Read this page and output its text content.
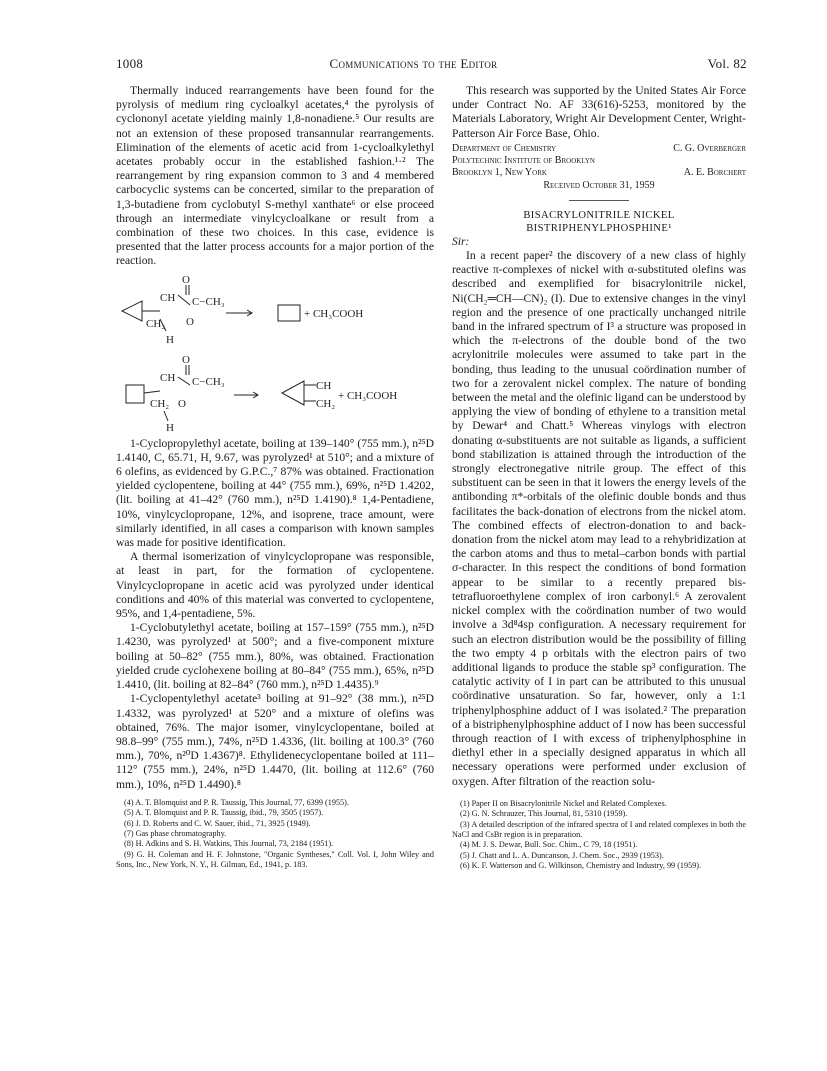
1008	Communications to the Editor	Vol. 82

Thermally induced rearrangements have been found for the pyrolysis of medium ring cycloalkyl acetates,⁴ the pyrolysis of cyclononyl acetate yielding mainly 1,8-nonadiene.⁵ Our results are not an extension of these proposed transannular rearrangements. Elimination of the elements of acetic acid from 1-cycloalkylethyl acetates probably occur in the established fashion.¹·² The rearrangement by ring expansion common to 3 and 4 membered carbocyclic systems can be concerted, similar to the preparation of 1,3-butadiene from cyclobutyl S-methyl xanthate⁶ or else proceed through an intermediate vinylcycloalkane or result from a combination of these two choices. In this case, evidence is presented that the latter process accounts for a major portion of the reaction.

O
CH C−CH₃
CH₂ O
H
+ CH₃COOH
O
CH C−CH₃
CH₂ O
H
CH
CH₂
+ CH₃COOH

1-Cyclopropylethyl acetate, boiling at 139–140° (755 mm.), n²⁵D 1.4140, C, 65.71, H, 9.67, was pyrolyzed¹ at 510°; and a mixture of 6 olefins, as evidenced by G.P.C.,⁷ 87% was obtained. Fractionation yielded cyclopentene, boiling at 44° (755 mm.), 69%, n²⁵D 1.4202, (lit. boiling at 41–42° (760 mm.), n²⁵D 1.4190).⁸ 1,4-Pentadiene, 10%, vinylcyclopropane, 12%, and isoprene, trace amount, were similarly identified, in all cases a comparison with known samples was made for positive identification.

A thermal isomerization of vinylcyclopropane was responsible, at least in part, for the formation of cyclopentene. Vinylcyclopropane in acetic acid was pyrolyzed under identical conditions and 40% of this material was converted to cyclopentene, 95%, and 1,4-pentadiene, 5%.

1-Cyclobutylethyl acetate, boiling at 157–159° (755 mm.), n²⁵D 1.4230, was pyrolyzed¹ at 500°; and a five-component mixture boiling at 50–82° (755 mm.), 80%, was obtained. Fractionation yielded crude cyclohexene boiling at 80–84° (755 mm.), 65%, n²⁵D 1.4410, (lit. boiling at 82–84° (760 mm.), n²⁵D 1.4435).⁹

1-Cyclopentylethyl acetate³ boiling at 91–92° (38 mm.), n²⁵D 1.4332, was pyrolyzed¹ at 520° and a mixture of olefins was obtained, 76%. The major isomer, vinylcyclopentane, boiled at 98.8–99° (755 mm.), 74%, n²⁵D 1.4336, (lit. boiling at 100.3° (760 mm.), 70%, n²⁰D 1.4367)⁸. Ethylidenecyclopentane boiled at 111–112° (755 mm.), 24%, n²⁵D 1.4470, (lit. boiling at 112.6° (760 mm.), 10%, n²⁵D 1.4490).⁸

(4) A. T. Blomquist and P. R. Taussig, This Journal, 77, 6399 (1955).
(5) A. T. Blomquist and P. R. Taussig, ibid., 79, 3505 (1957).
(6) J. D. Roberts and C. W. Sauer, ibid., 71, 3925 (1949).
(7) Gas phase chromatography.
(8) H. Adkins and S. H. Watkins, This Journal, 73, 2184 (1951).
(9) G. H. Coleman and H. F. Johnstone, "Organic Syntheses," Coll. Vol. I, John Wiley and Sons, Inc., New York, N. Y., H. Gilman, Ed., 1941, p. 183.

This research was supported by the United States Air Force under Contract No. AF 33(616)-5253, monitored by the Materials Laboratory, Wright Air Development Center, Wright-Patterson Air Force Base, Ohio.

Department of Chemistry	C. G. Overberger
Polytechnic Institute of Brooklyn
Brooklyn 1, New York	A. E. Borchert
Received October 31, 1959
BISACRYLONITRILE NICKEL
BISTRIPHENYLPHOSPHINE¹

Sir:

In a recent paper² the discovery of a new class of highly reactive π-complexes of nickel with α-substituted olefins was described and exemplified for bisacrylonitrile nickel, Ni(CH₂═CH—CN)₂ (I). Due to extensive changes in the vinyl region and the presence of one practically unchanged nitrile band in the infrared spectrum of I³ a structure was proposed in which the π-electrons of the double bond of the two acrylonitrile molecules were assumed to take part in the bonding, thus leading to the unusual coördination number of two for a zerovalent nickel complex. The nature of bonding between the metal and the olefinic ligand can be understood by applying the view of bonding of ethylene to a transition metal by Dewar⁴ and Chatt.⁵ Whereas vinylogs with electron donating α-substituents are not suitable as ligands, a sufficient bond stabilization is attained through the introduction of the strongly electronegative nitrile group. The effect of this substituent can be seen in that it lowers the energy levels of the antibonding π*-orbitals of the olefinic double bonds and thus facilitates the back-donation of electrons from the nickel atom. The combined effects of electron-donation to and back-donation from the nickel atom may lead to a rehybridization at the carbon atoms and thus to metal–carbon bonds with partial σ-character. In this respect the conditions of bond formation appear to be similar to a recently prepared bis-tetrafluoroethylene complex of iron carbonyl.⁶ A zerovalent nickel complex with the coördination number of two would involve a 3d⁸4sp configuration. A necessary requirement for such an electron distribution would be the possibility of filling the two empty 4 p orbitals with the electron pairs of two additional ligands to produce the stable sp³ configuration. The catalytic activity of I in part can be attributed to this unusual coördinative unsaturation. So far, however, only a 1:1 triphenylphosphine adduct of I was isolated.² The preparation of a bistriphenylphosphine adduct of I now has been successful through reaction of I with excess of triphenylphosphine in diethyl ether in a specially designed apparatus in which all necessary operations were performed under exclusion of oxygen. After filtration of the reaction solu-

(1) Paper II on Bisacrylonitrile Nickel and Related Complexes.
(2) G. N. Schrauzer, This Journal, 81, 5310 (1959).
(3) A detailed description of the infrared spectra of I and related complexes in both the NaCl and CsBr region is in preparation.
(4) M. J. S. Dewar, Bull. Soc. Chim., C 79, 18 (1951).
(5) J. Chatt and L. A. Duncanson, J. Chem. Soc., 2939 (1953).
(6) K. F. Watterson and G. Wilkinson, Chemistry and Industry, 99 (1959).
